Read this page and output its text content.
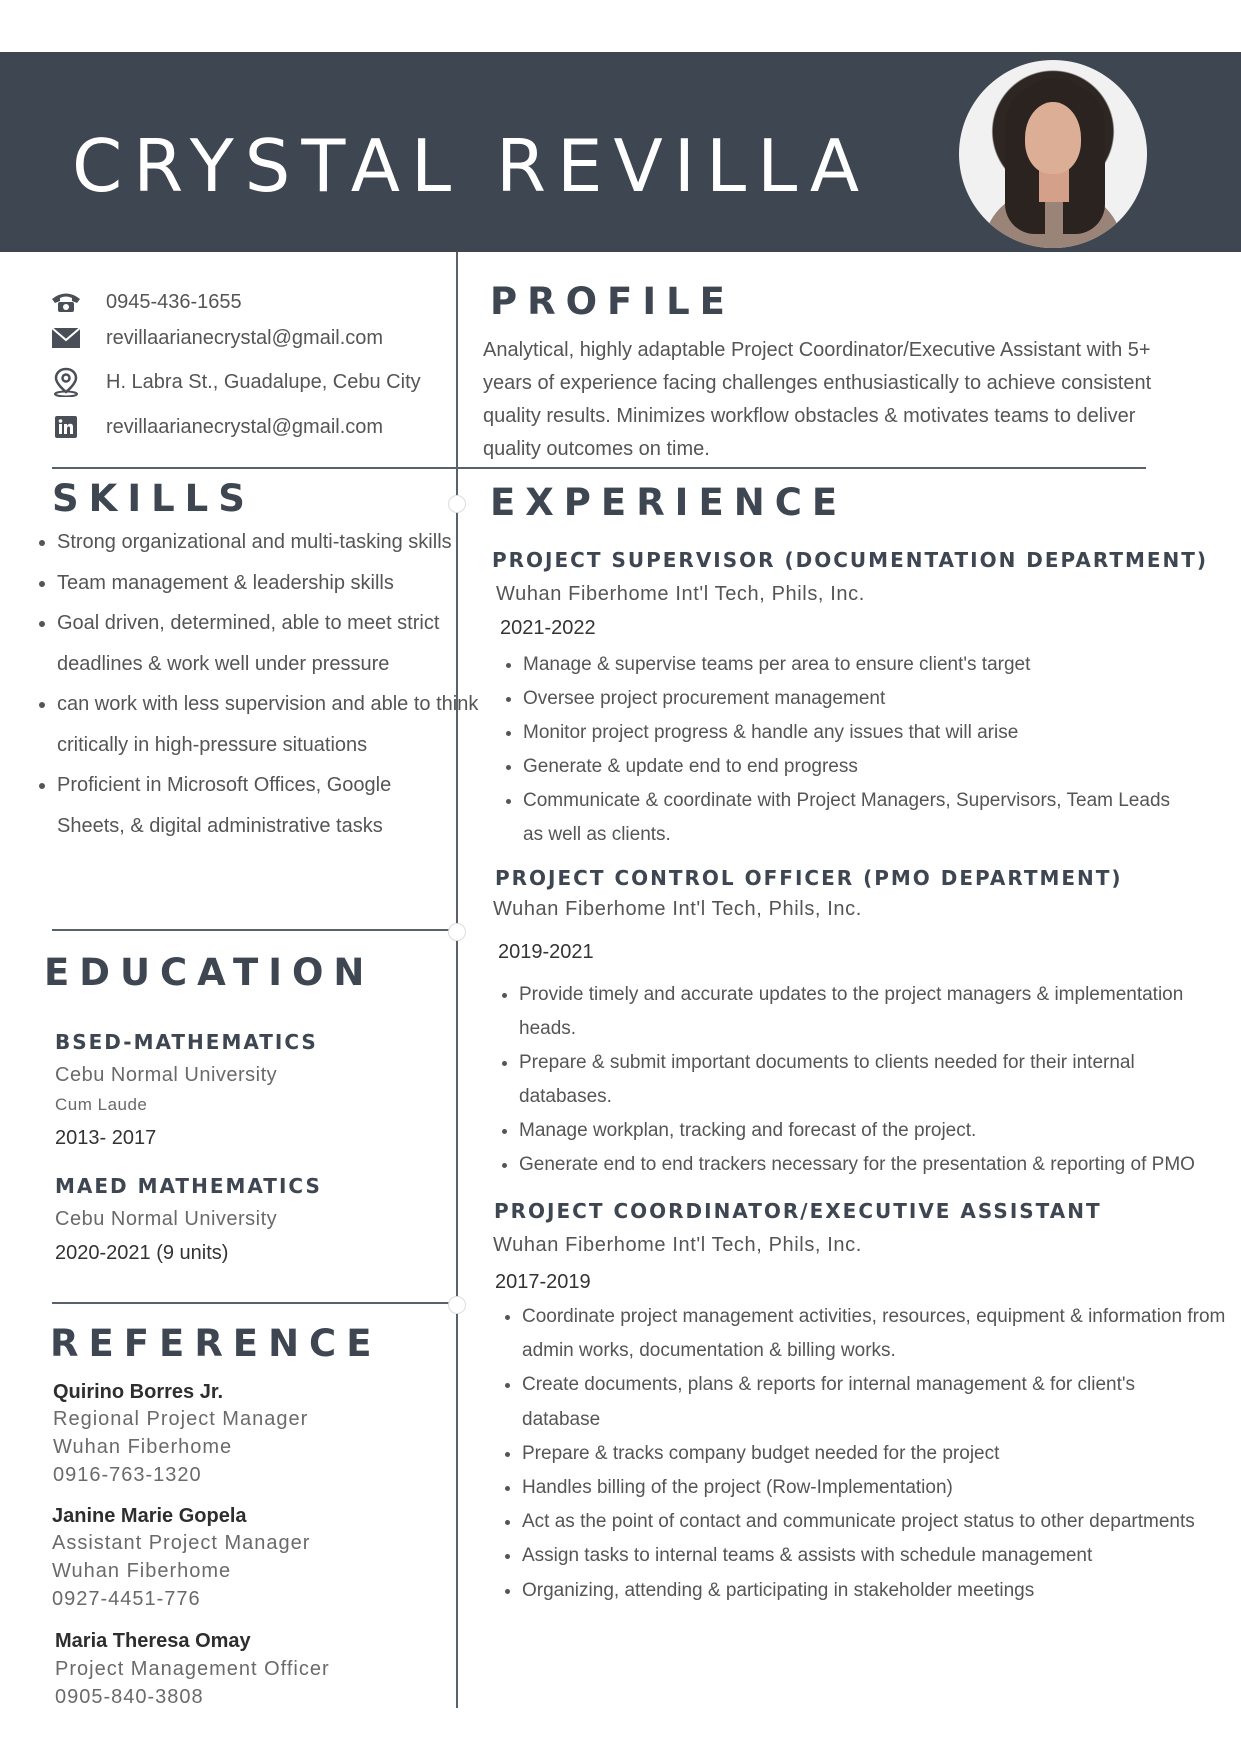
CRYSTAL REVILLA
0945-436-1655
revillaarianecrystal@gmail.com
H. Labra St., Guadalupe, Cebu City
revillaarianecrystal@gmail.com
PROFILE
Analytical, highly adaptable Project Coordinator/Executive Assistant with 5+ years of experience facing challenges enthusiastically to achieve consistent quality results. Minimizes workflow obstacles & motivates teams to deliver quality outcomes on time.
SKILLS
• Strong organizational and multi-tasking skills
• Team management & leadership skills
• Goal driven, determined, able to meet strict deadlines & work well under pressure
• can work with less supervision and able to think critically in high-pressure situations
• Proficient in Microsoft Offices, Google Sheets, & digital administrative tasks
EDUCATION
BSED-MATHEMATICS
Cebu Normal University
Cum Laude
2013- 2017
MAED MATHEMATICS
Cebu Normal University
2020-2021 (9 units)
REFERENCE
Quirino Borres Jr.
Regional Project Manager
Wuhan Fiberhome
0916-763-1320
Janine Marie Gopela
Assistant Project Manager
Wuhan Fiberhome
0927-4451-776
Maria Theresa Omay
Project Management Officer
0905-840-3808
EXPERIENCE
PROJECT SUPERVISOR (DOCUMENTATION DEPARTMENT)
Wuhan Fiberhome Int'l Tech, Phils, Inc.
2021-2022
• Manage & supervise teams per area to ensure client's target
• Oversee project procurement management
• Monitor project progress & handle any issues that will arise
• Generate & update end to end progress
• Communicate & coordinate with Project Managers, Supervisors, Team Leads as well as clients.
PROJECT CONTROL OFFICER (PMO DEPARTMENT)
Wuhan Fiberhome Int'l Tech, Phils, Inc.
2019-2021
• Provide timely and accurate updates to the project managers & implementation heads.
• Prepare & submit important documents to clients needed for their internal databases.
• Manage workplan, tracking and forecast of the project.
• Generate end to end trackers necessary for the presentation & reporting of PMO
PROJECT COORDINATOR/EXECUTIVE ASSISTANT
Wuhan Fiberhome Int'l Tech, Phils, Inc.
2017-2019
• Coordinate project management activities, resources, equipment & information from admin works, documentation & billing works.
• Create documents, plans & reports for internal management & for client's database
• Prepare & tracks company budget needed for the project
• Handles billing of the project (Row-Implementation)
• Act as the point of contact and communicate project status to other departments
• Assign tasks to internal teams & assists with schedule management
• Organizing, attending & participating in stakeholder meetings
